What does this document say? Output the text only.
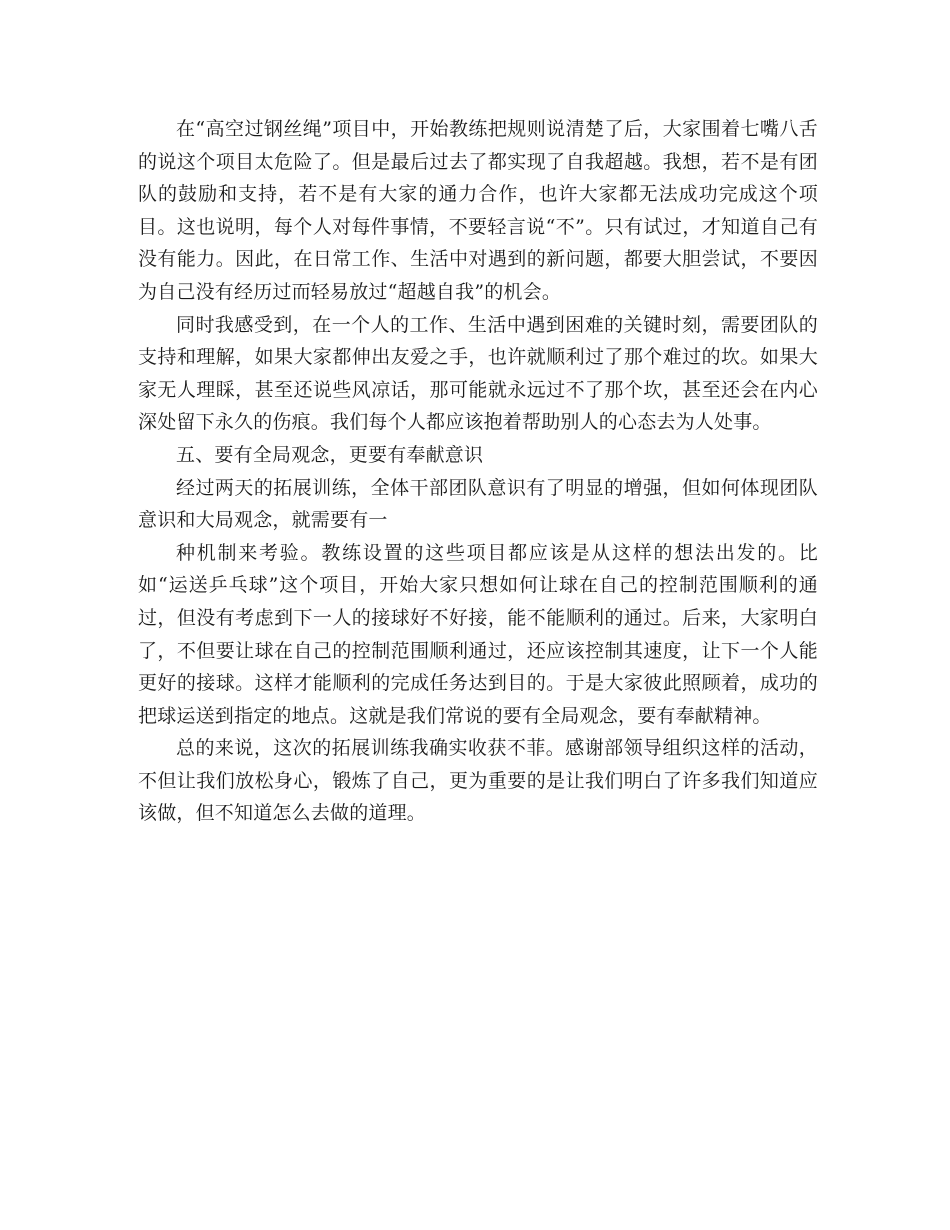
在“高空过钢丝绳”项目中，开始教练把规则说清楚了后，大家围着七嘴八舌的说这个项目太危险了。但是最后过去了都实现了自我超越。我想，若不是有团队的鼓励和支持，若不是有大家的通力合作，也许大家都无法成功完成这个项目。这也说明，每个人对每件事情，不要轻言说“不”。只有试过，才知道自己有没有能力。因此，在日常工作、生活中对遇到的新问题，都要大胆尝试，不要因为自己没有经历过而轻易放过“超越自我”的机会。

同时我感受到，在一个人的工作、生活中遇到困难的关键时刻，需要团队的支持和理解，如果大家都伸出友爱之手，也许就顺利过了那个难过的坎。如果大家无人理睬，甚至还说些风凉话，那可能就永远过不了那个坎，甚至还会在内心深处留下永久的伤痕。我们每个人都应该抱着帮助别人的心态去为人处事。

五、要有全局观念，更要有奉献意识

经过两天的拓展训练，全体干部团队意识有了明显的增强，但如何体现团队意识和大局观念，就需要有一

种机制来考验。教练设置的这些项目都应该是从这样的想法出发的。比如“运送乒乓球”这个项目，开始大家只想如何让球在自己的控制范围顺利的通过，但没有考虑到下一人的接球好不好接，能不能顺利的通过。后来，大家明白了，不但要让球在自己的控制范围顺利通过，还应该控制其速度，让下一个人能更好的接球。这样才能顺利的完成任务达到目的。于是大家彼此照顾着，成功的把球运送到指定的地点。这就是我们常说的要有全局观念，要有奉献精神。

总的来说，这次的拓展训练我确实收获不菲。感谢部领导组织这样的活动，不但让我们放松身心，锻炼了自己，更为重要的是让我们明白了许多我们知道应该做，但不知道怎么去做的道理。
